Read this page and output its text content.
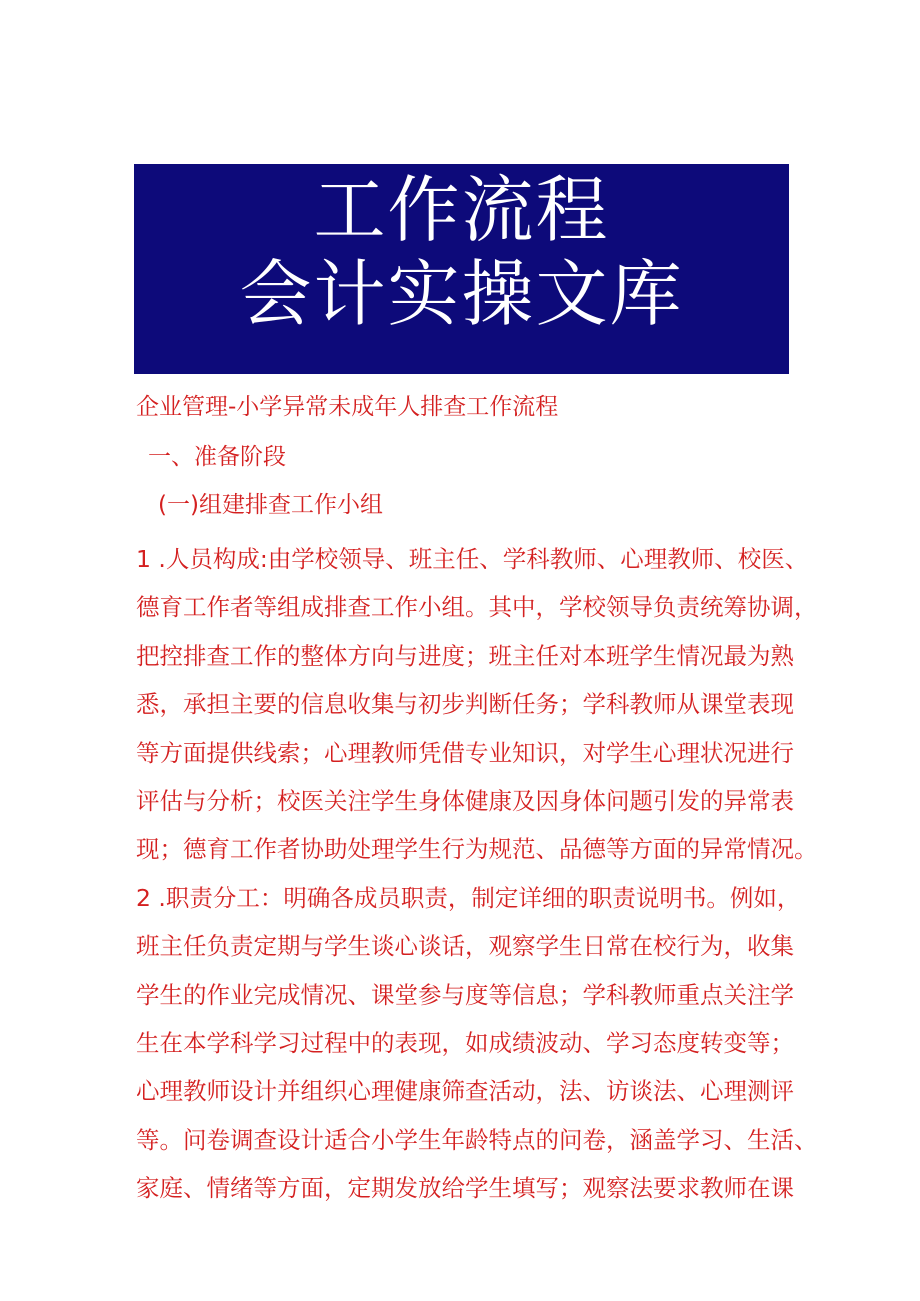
工作流程
会计实操文库
企业管理-小学异常未成年人排查工作流程
一、准备阶段
(一)组建排查工作小组
1 .人员构成:由学校领导、班主任、学科教师、心理教师、校医、
德育工作者等组成排查工作小组。其中，学校领导负责统筹协调，
把控排查工作的整体方向与进度；班主任对本班学生情况最为熟
悉，承担主要的信息收集与初步判断任务；学科教师从课堂表现
等方面提供线索；心理教师凭借专业知识，对学生心理状况进行
评估与分析；校医关注学生身体健康及因身体问题引发的异常表
现；德育工作者协助处理学生行为规范、品德等方面的异常情况。
2 .职责分工：明确各成员职责，制定详细的职责说明书。例如，
班主任负责定期与学生谈心谈话，观察学生日常在校行为，收集
学生的作业完成情况、课堂参与度等信息；学科教师重点关注学
生在本学科学习过程中的表现，如成绩波动、学习态度转变等；
心理教师设计并组织心理健康筛查活动，法、访谈法、心理测评
等。问卷调查设计适合小学生年龄特点的问卷，涵盖学习、生活、
家庭、情绪等方面，定期发放给学生填写；观察法要求教师在课
